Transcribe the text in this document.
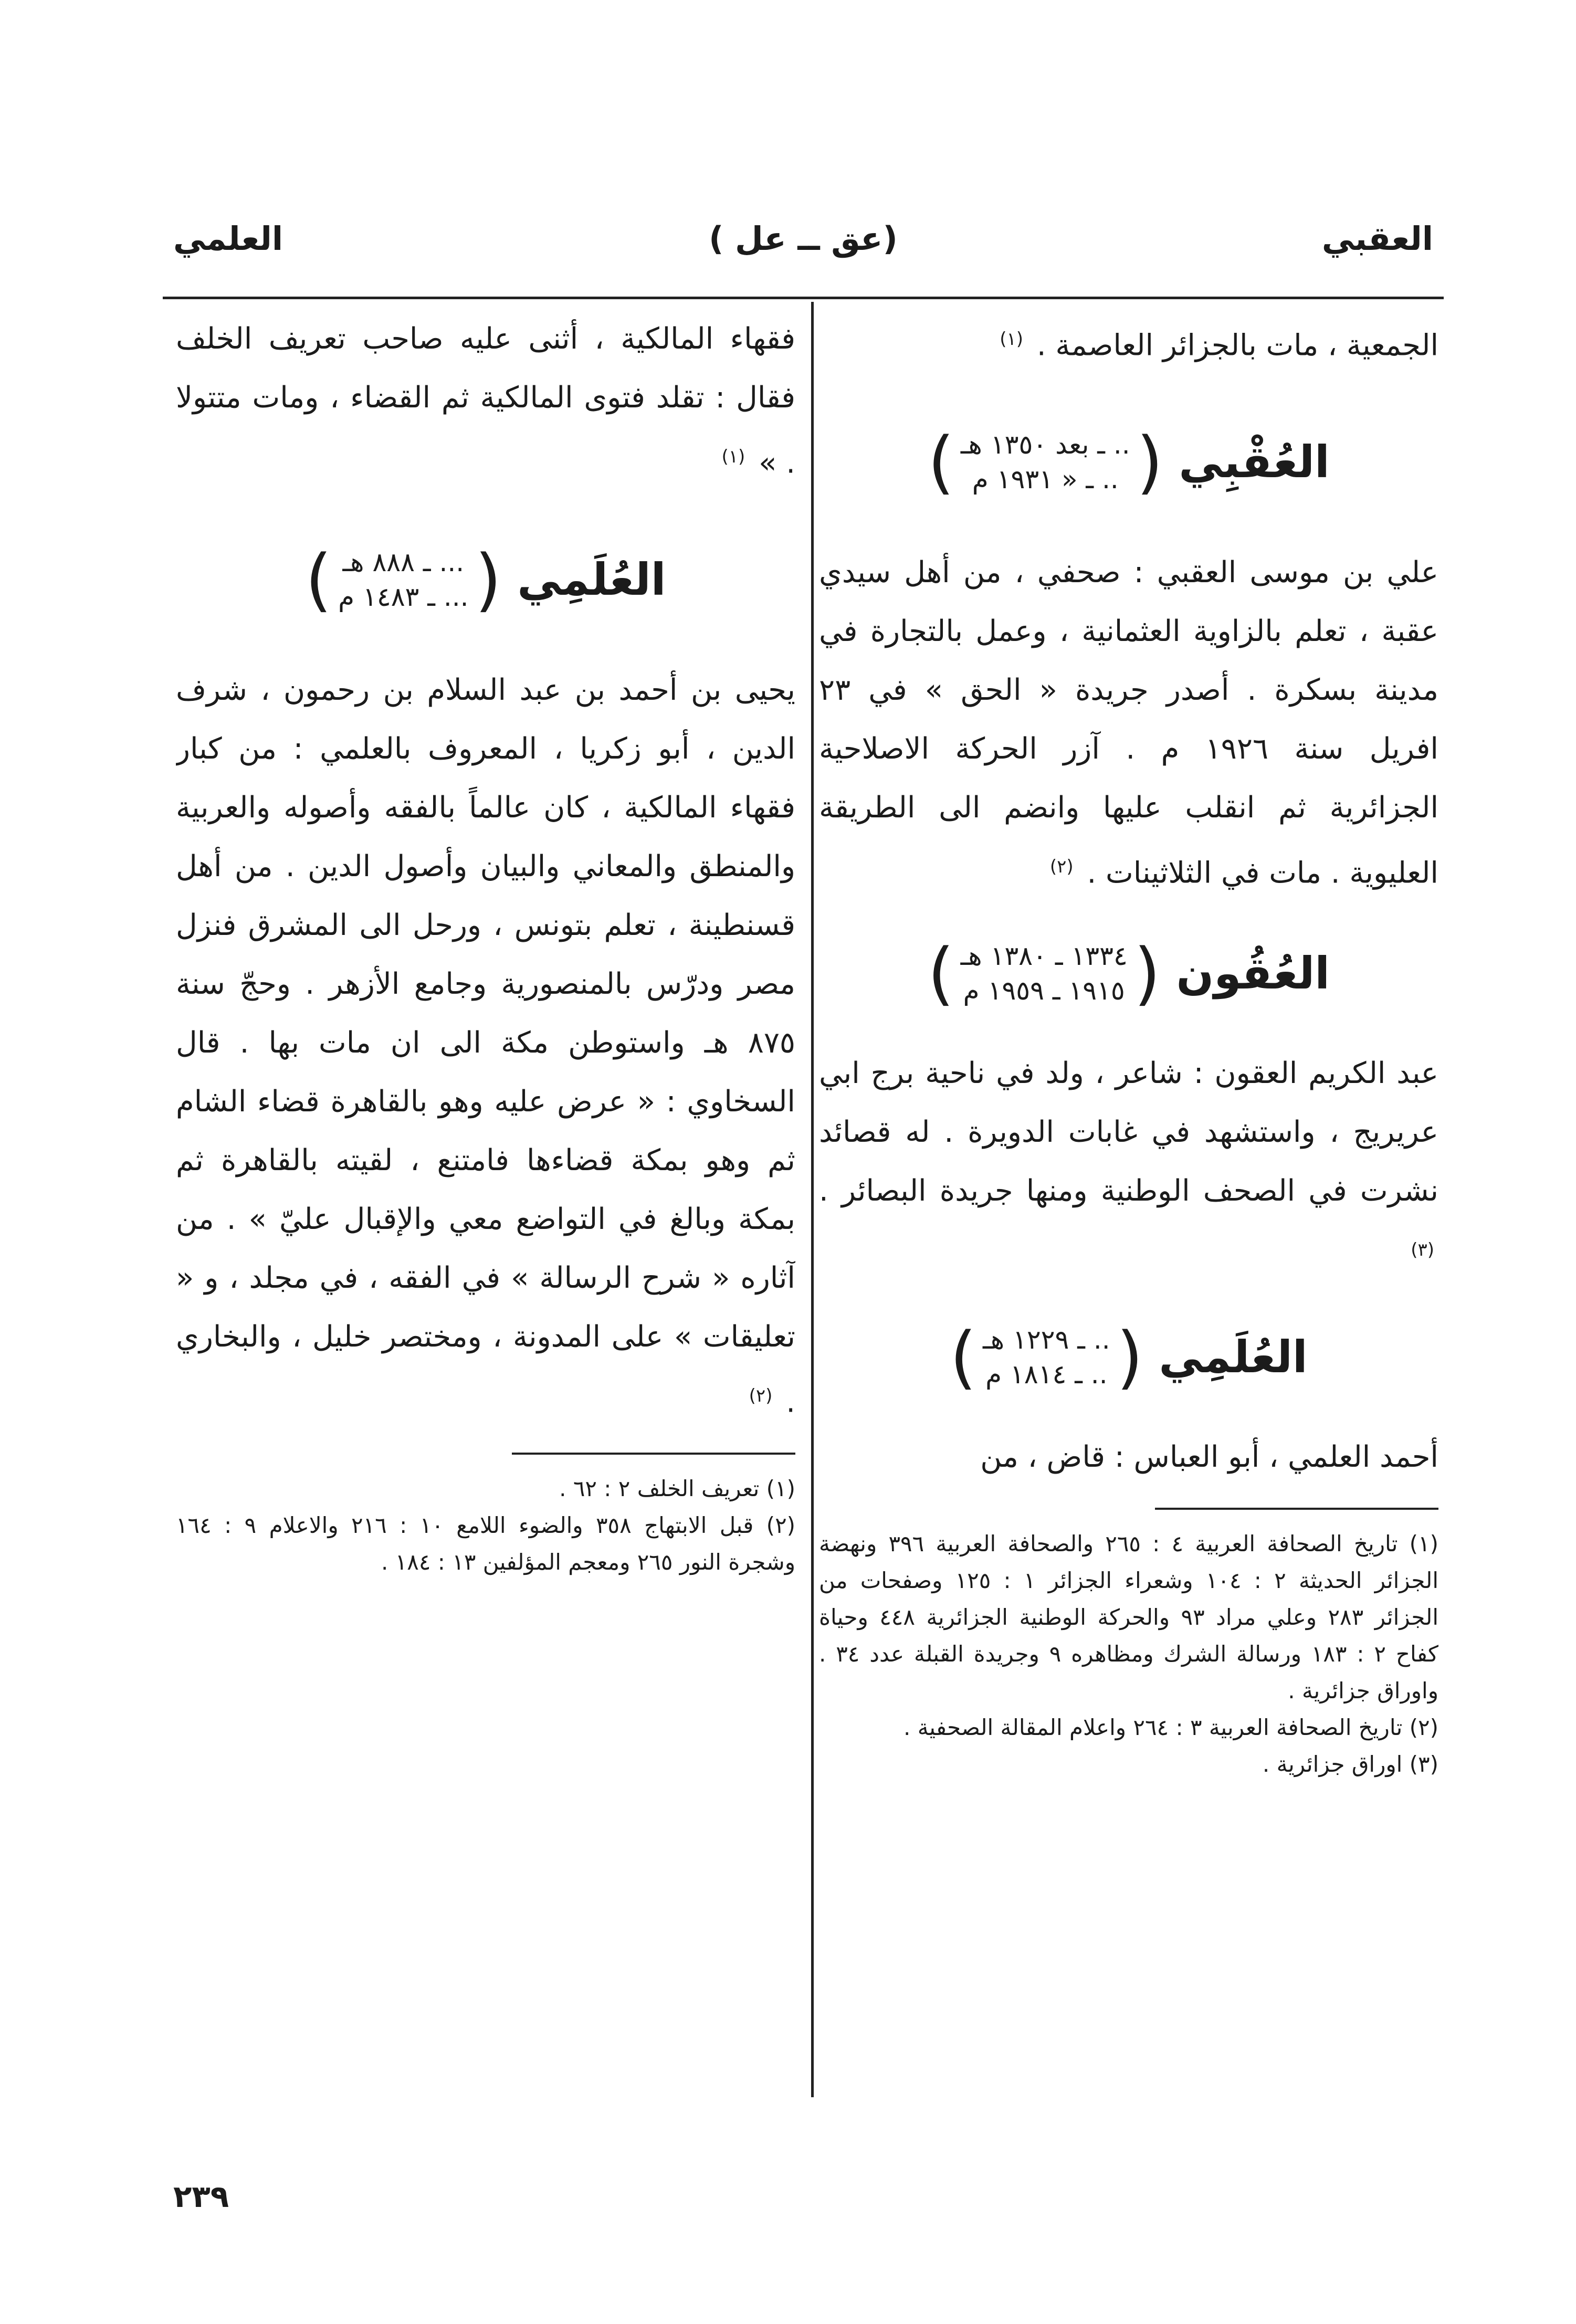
العقبي
(عق ــ عل )
العلمي

الجمعية ، مات بالجزائر العاصمة . $^{(١)}$

العُقْبِي
(
.. ـ بعد ١٣٥٠ هـ
.. ـ « ١٩٣١ م
)

علي بن موسى العقبي : صحفي ، من أهل سيدي عقبة ، تعلم بالزاوية العثمانية ، وعمل بالتجارة في مدينة بسكرة . أصدر جريدة « الحق » في ٢٣ افريل سنة ١٩٢٦ م . آزر الحركة الاصلاحية الجزائرية ثم انقلب عليها وانضم الى الطريقة العليوية . مات في الثلاثينات . $^{(٢)}$

العُقُون
(
١٣٣٤ ـ ١٣٨٠ هـ
١٩١٥ ـ ١٩٥٩ م
)

عبد الكريم العقون : شاعر ، ولد في ناحية برج ابي عريريج ، واستشهد في غابات الدويرة . له قصائد نشرت في الصحف الوطنية ومنها جريدة البصائر . $^{(٣)}$

العُلَمِي
(
.. ـ ١٢٢٩ هـ
.. ـ ١٨١٤ م
)

أحمد العلمي ، أبو العباس : قاض ، من

(١) تاريخ الصحافة العربية ٤ : ٢٦٥ والصحافة العربية ٣٩٦ ونهضة الجزائر الحديثة ٢ : ١٠٤ وشعراء الجزائر ١ : ١٢٥ وصفحات من الجزائر ٢٨٣ وعلي مراد ٩٣ والحركة الوطنية الجزائرية ٤٤٨ وحياة كفاح ٢ : ١٨٣ ورسالة الشرك ومظاهره ٩ وجريدة القبلة عدد ٣٤ . واوراق جزائرية .

(٢) تاريخ الصحافة العربية ٣ : ٢٦٤ واعلام المقالة الصحفية .

(٣) اوراق جزائرية .

فقهاء المالكية ، أثنى عليه صاحب تعريف الخلف فقال : تقلد فتوى المالكية ثم القضاء ، ومات متتولا . » $^{(١)}$

العُلَمِي
(
... ـ ٨٨٨ هـ
... ـ ١٤٨٣ م
)

يحيى بن أحمد بن عبد السلام بن رحمون ، شرف الدين ، أبو زكريا ، المعروف بالعلمي : من كبار فقهاء المالكية ، كان عالماً بالفقه وأصوله والعربية والمنطق والمعاني والبيان وأصول الدين . من أهل قسنطينة ، تعلم بتونس ، ورحل الى المشرق فنزل مصر ودرّس بالمنصورية وجامع الأزهر . وحجّ سنة ٨٧٥ هـ واستوطن مكة الى ان مات بها . قال السخاوي : « عرض عليه وهو بالقاهرة قضاء الشام ثم وهو بمكة قضاءها فامتنع ، لقيته بالقاهرة ثم بمكة وبالغ في التواضع معي والإقبال عليّ » . من آثاره « شرح الرسالة » في الفقه ، في مجلد ، و « تعليقات » على المدونة ، ومختصر خليل ، والبخاري . $^{(٢)}$

(١) تعريف الخلف ٢ : ٦٢ .

(٢) قبل الابتهاج ٣٥٨ والضوء اللامع ١٠ : ٢١٦ والاعلام ٩ : ١٦٤ وشجرة النور ٢٦٥ ومعجم المؤلفين ١٣ : ١٨٤ .

٢٣٩
